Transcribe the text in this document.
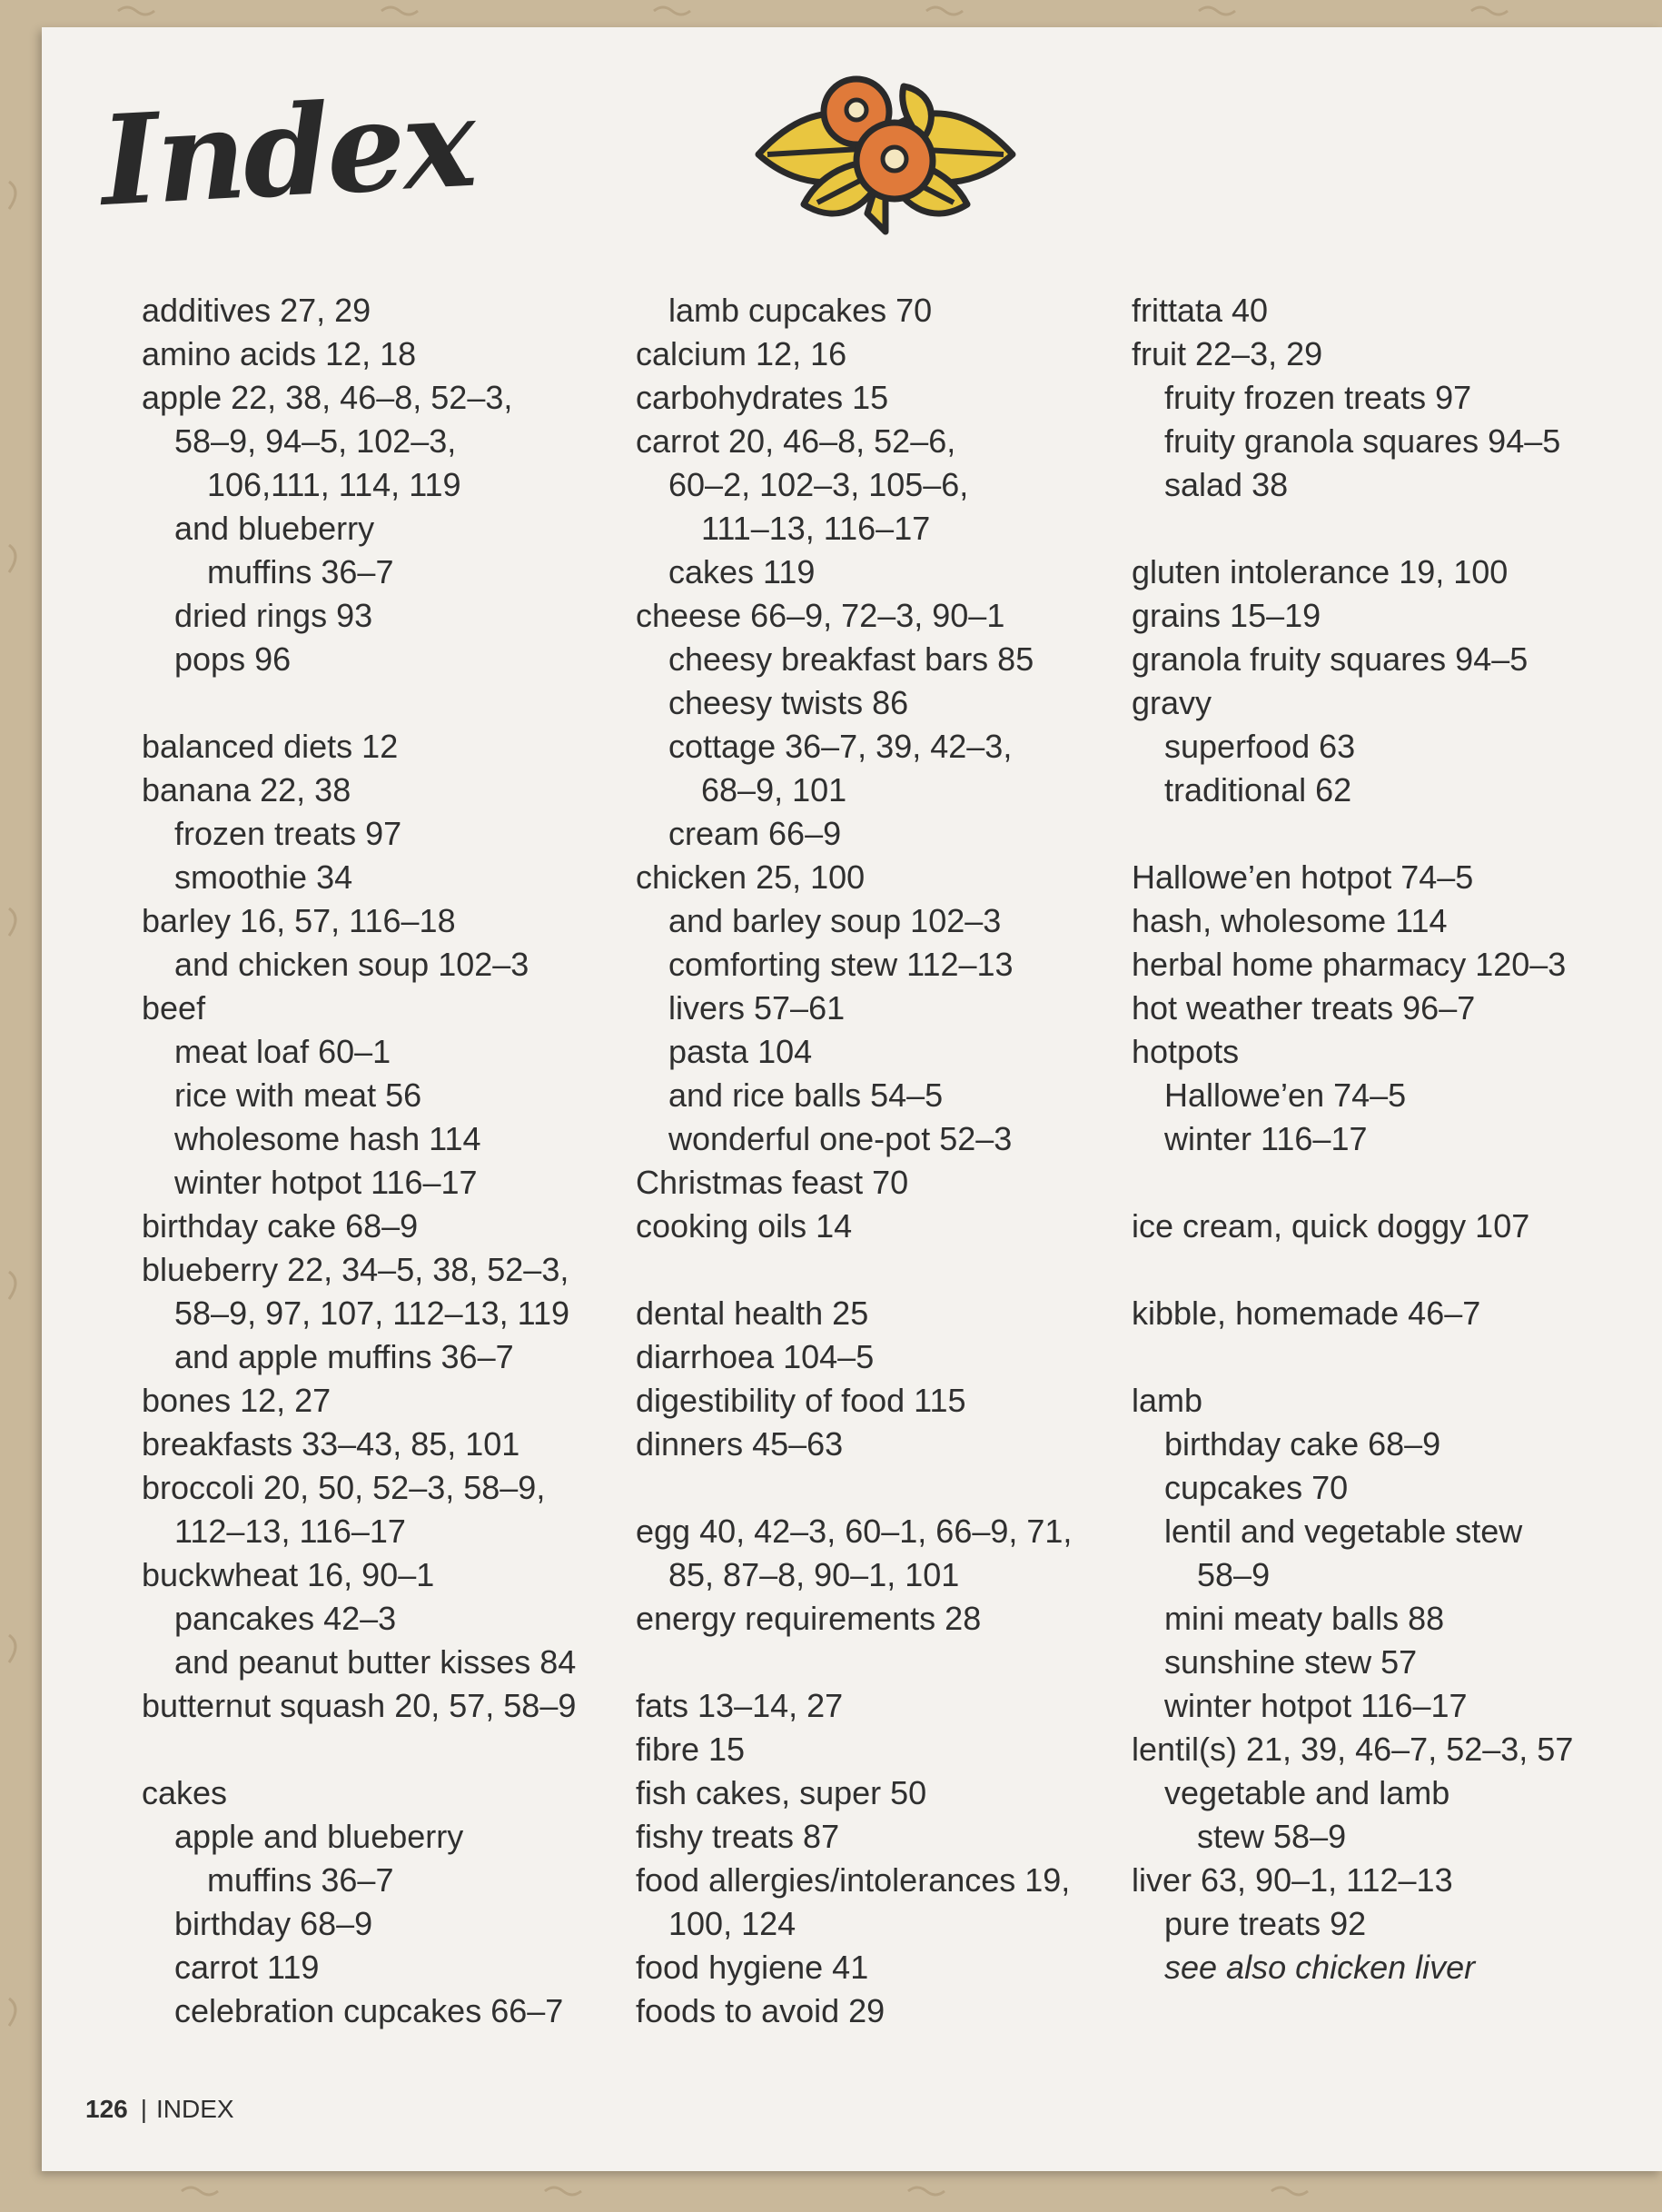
Index
additives 27, 29
amino acids 12, 18
apple 22, 38, 46–8, 52–3,
58–9, 94–5, 102–3,
106,111, 114, 119
and blueberry
muffins 36–7
dried rings 93
pops 96
balanced diets 12
banana 22, 38
frozen treats 97
smoothie 34
barley 16, 57, 116–18
and chicken soup 102–3
beef
meat loaf 60–1
rice with meat 56
wholesome hash 114
winter hotpot 116–17
birthday cake 68–9
blueberry 22, 34–5, 38, 52–3,
58–9, 97, 107, 112–13, 119
and apple muffins 36–7
bones 12, 27
breakfasts 33–43, 85, 101
broccoli 20, 50, 52–3, 58–9,
112–13, 116–17
buckwheat 16, 90–1
pancakes 42–3
and peanut butter kisses 84
butternut squash 20, 57, 58–9
cakes
apple and blueberry
muffins 36–7
birthday 68–9
carrot 119
celebration cupcakes 66–7
lamb cupcakes 70
calcium 12, 16
carbohydrates 15
carrot 20, 46–8, 52–6,
60–2, 102–3, 105–6,
111–13, 116–17
cakes 119
cheese 66–9, 72–3, 90–1
cheesy breakfast bars 85
cheesy twists 86
cottage 36–7, 39, 42–3,
68–9, 101
cream 66–9
chicken 25, 100
and barley soup 102–3
comforting stew 112–13
livers 57–61
pasta 104
and rice balls 54–5
wonderful one-pot 52–3
Christmas feast 70
cooking oils 14
dental health 25
diarrhoea 104–5
digestibility of food 115
dinners 45–63
egg 40, 42–3, 60–1, 66–9, 71,
85, 87–8, 90–1, 101
energy requirements 28
fats 13–14, 27
fibre 15
fish cakes, super 50
fishy treats 87
food allergies/intolerances 19,
100, 124
food hygiene 41
foods to avoid 29
frittata 40
fruit 22–3, 29
fruity frozen treats 97
fruity granola squares 94–5
salad 38
gluten intolerance 19, 100
grains 15–19
granola fruity squares 94–5
gravy
superfood 63
traditional 62
Hallowe’en hotpot 74–5
hash, wholesome 114
herbal home pharmacy 120–3
hot weather treats 96–7
hotpots
Hallowe’en 74–5
winter 116–17
ice cream, quick doggy 107
kibble, homemade 46–7
lamb
birthday cake 68–9
cupcakes 70
lentil and vegetable stew
58–9
mini meaty balls 88
sunshine stew 57
winter hotpot 116–17
lentil(s) 21, 39, 46–7, 52–3, 57
vegetable and lamb
stew 58–9
liver 63, 90–1, 112–13
pure treats 92
see also chicken liver
126 | INDEX
